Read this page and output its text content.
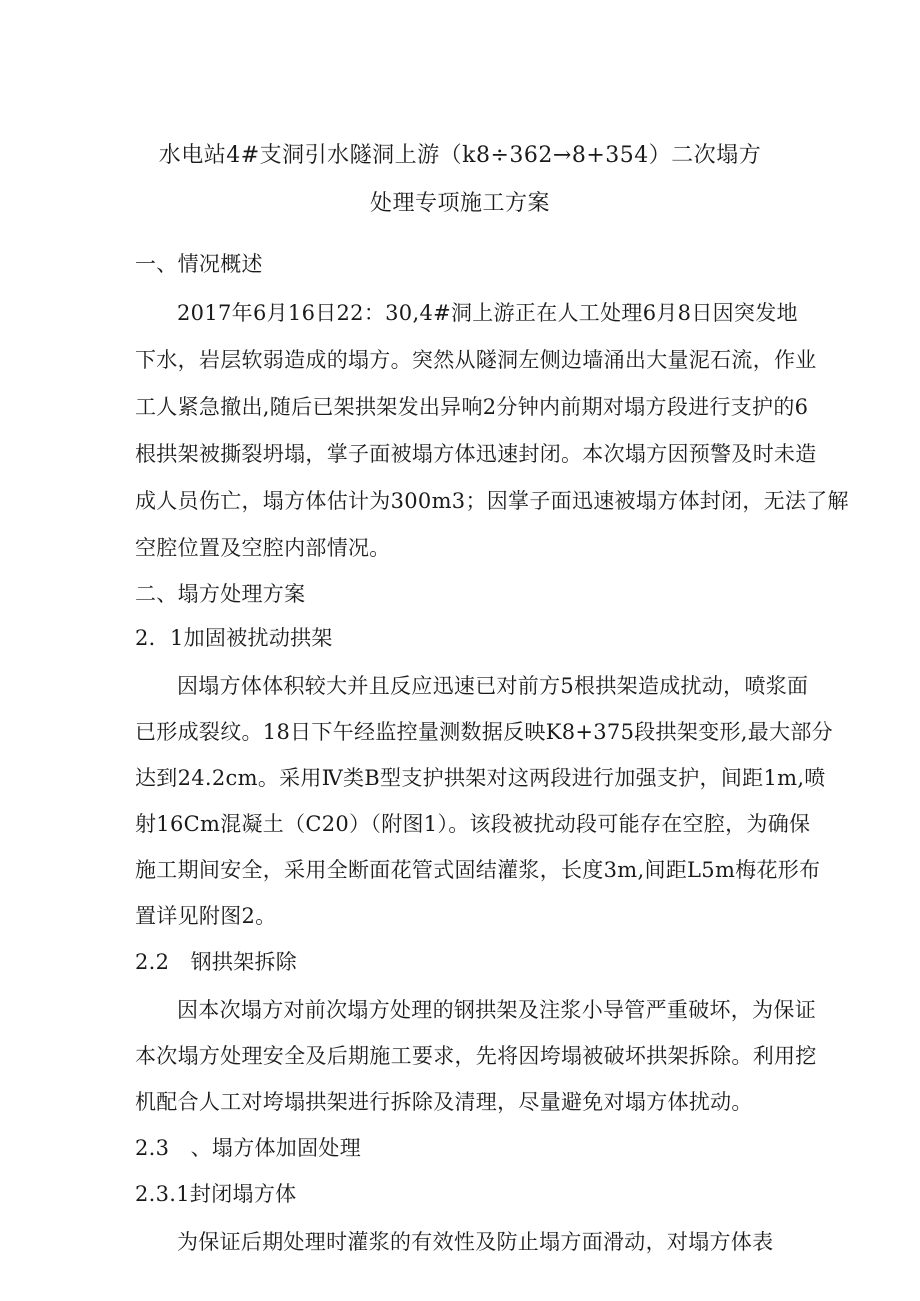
水电站4#支洞引水隧洞上游（k8÷362→8+354）二次塌方
处理专项施工方案
一、情况概述
2017年6月16日22：30,4#洞上游正在人工处理6月8日因突发地
下水，岩层软弱造成的塌方。突然从隧洞左侧边墙涌出大量泥石流，作业
工人紧急撤出,随后已架拱架发出异响2分钟内前期对塌方段进行支护的6
根拱架被撕裂坍塌，掌子面被塌方体迅速封闭。本次塌方因预警及时未造
成人员伤亡，塌方体估计为300m3；因掌子面迅速被塌方体封闭，无法了解
空腔位置及空腔内部情况。
二、塌方处理方案
2．1加固被扰动拱架
因塌方体体积较大并且反应迅速已对前方5根拱架造成扰动，喷浆面
已形成裂纹。18日下午经监控量测数据反映K8+375段拱架变形,最大部分
达到24.2cm。采用Ⅳ类B型支护拱架对这两段进行加强支护，间距1m,喷
射16Cm混凝土（C20）（附图1）。该段被扰动段可能存在空腔，为确保
施工期间安全，采用全断面花管式固结灌浆，长度3m,间距L5m梅花形布
置详见附图2。
2.2　钢拱架拆除
因本次塌方对前次塌方处理的钢拱架及注浆小导管严重破坏，为保证
本次塌方处理安全及后期施工要求，先将因垮塌被破坏拱架拆除。利用挖
机配合人工对垮塌拱架进行拆除及清理，尽量避免对塌方体扰动。
2.3　、塌方体加固处理
2.3.1封闭塌方体
为保证后期处理时灌浆的有效性及防止塌方面滑动，对塌方体表
